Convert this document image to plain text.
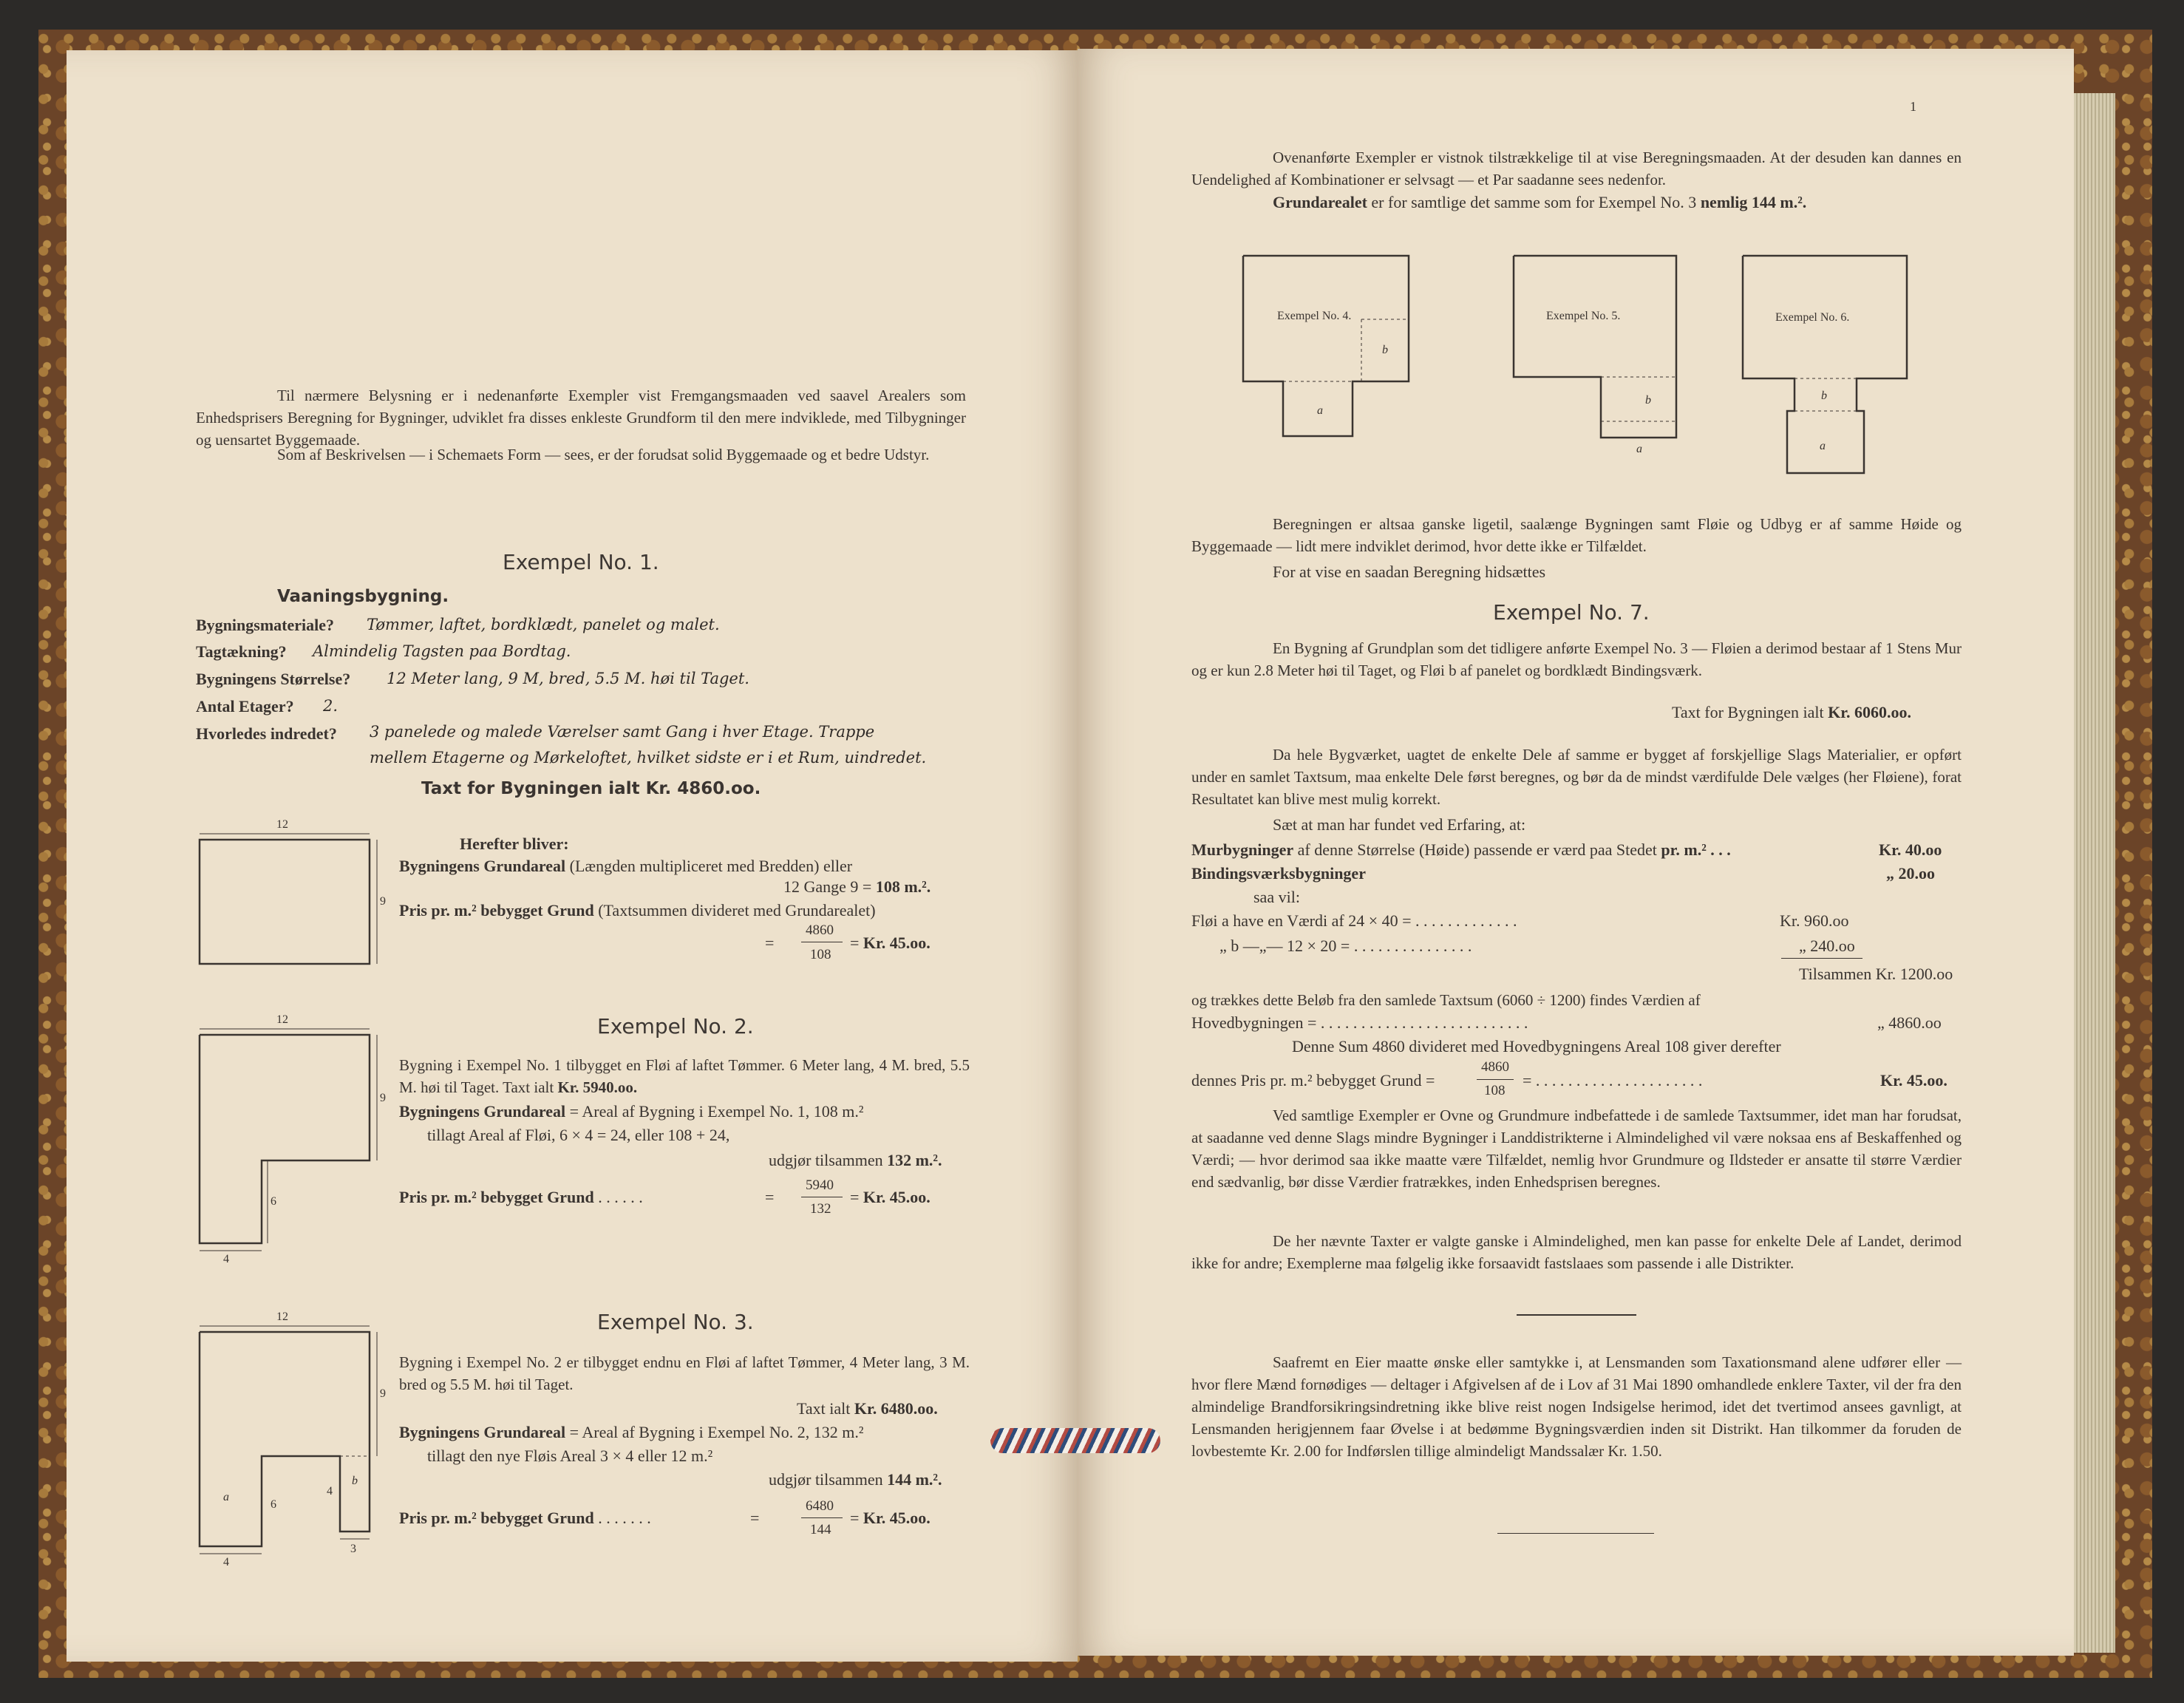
Til nærmere Belysning er i nedenanførte Exempler vist Fremgangsmaaden ved saavel Arealers som Enhedsprisers Beregning for Bygninger, udviklet fra disses enkleste Grundform til den mere indviklede, med Tilbygninger og uensartet Byggemaade.
Som af Beskrivelsen — i Schemaets Form — sees, er der forudsat solid Byggemaade og et bedre Udstyr.
Exempel No. 1.
Vaaningsbygning.
Bygningsmateriale? Tømmer, laftet, bordklædt, panelet og malet.
Tagtækning? Almindelig Tagsten paa Bordtag.
Bygningens Størrelse? 12 Meter lang, 9 M, bred, 5.5 M. høi til Taget.
Antal Etager? 2.
Hvorledes indredet? 3 panelede og malede Værelser samt Gang i hver Etage. Trappe
mellem Etagerne og Mørkeloftet, hvilket sidste er i et Rum, uindredet.
Taxt for Bygningen ialt Kr. 4860.oo.
12
9
Herefter bliver:
Bygningens Grundareal (Længden multipliceret med Bredden) eller
12 Gange 9 = 108 m.².
Pris pr. m.² bebygget Grund (Taxtsummen divideret med Grundarealet)
=
4860
108
= Kr. 45.oo.
Exempel No. 2.
12
9
6
4
Bygning i Exempel No. 1 tilbygget en Fløi af laftet Tømmer. 6 Meter lang, 4 M. bred, 5.5 M. høi til Taget. Taxt ialt Kr. 5940.oo.
Bygningens Grundareal = Areal af Bygning i Exempel No. 1, 108 m.²
tillagt Areal af Fløi, 6 × 4 = 24, eller 108 + 24,
udgjør tilsammen 132 m.².
Pris pr. m.² bebygget Grund . . . . . .	=
5940
132
= Kr. 45.oo.
Exempel No. 3.
12
9
a
6
4
b
3
4
Bygning i Exempel No. 2 er tilbygget endnu en Fløi af laftet Tømmer, 4 Meter lang, 3 M. bred og 5.5 M. høi til Taget.
Taxt ialt Kr. 6480.oo.
Bygningens Grundareal = Areal af Bygning i Exempel No. 2, 132 m.²
tillagt den nye Fløis Areal 3 × 4 eller 12 m.²
udgjør tilsammen 144 m.².
Pris pr. m.² bebygget Grund . . . . . . .	=
6480
144
= Kr. 45.oo.
1
Ovenanførte Exempler er vistnok tilstrækkelige til at vise Beregningsmaaden. At der desuden kan dannes en Uendelighed af Kombinationer er selvsagt — et Par saadanne sees nedenfor.
Grundarealet er for samtlige det samme som for Exempel No. 3 nemlig 144 m.².
Exempel No. 4.
b
a
Exempel No. 5.
b
a
Exempel No. 6.
b
a
Beregningen er altsaa ganske ligetil, saalænge Bygningen samt Fløie og Udbyg er af samme Høide og Byggemaade — lidt mere indviklet derimod, hvor dette ikke er Tilfældet.
For at vise en saadan Beregning hidsættes
Exempel No. 7.
En Bygning af Grundplan som det tidligere anførte Exempel No. 3 — Fløien a derimod bestaar af 1 Stens Mur og er kun 2.8 Meter høi til Taget, og Fløi b af panelet og bordklædt Bindingsværk.
Taxt for Bygningen ialt Kr. 6060.oo.
Da hele Bygværket, uagtet de enkelte Dele af samme er bygget af forskjellige Slags Materialier, er opført under en samlet Taxtsum, maa enkelte Dele først beregnes, og bør da de mindst værdifulde Dele vælges (her Fløiene), forat Resultatet kan blive mest mulig korrekt.
Sæt at man har fundet ved Erfaring, at:
Murbygninger af denne Størrelse (Høide) passende er værd paa Stedet pr. m.² . . .	Kr. 40.oo
Bindingsværksbygninger	„ 20.oo
saa vil:
Fløi a have en Værdi af 24 × 40 = . . . . . . . . . . . . .	Kr. 960.oo
„ b —„— 12 × 20 = . . . . . . . . . . . . . . .	„ 240.oo
Tilsammen Kr. 1200.oo
og trækkes dette Beløb fra den samlede Taxtsum (6060 ÷ 1200) findes Værdien af
Hovedbygningen = . . . . . . . . . . . . . . . . . . . . . . . . . .	„ 4860.oo
Denne Sum 4860 divideret med Hovedbygningens Areal 108 giver derefter
dennes Pris pr. m.² bebygget Grund =
4860
108
= . . . . . . . . . . . . . . . . . . . . .	Kr. 45.oo.
Ved samtlige Exempler er Ovne og Grundmure indbefattede i de samlede Taxtsummer, idet man har forudsat, at saadanne ved denne Slags mindre Bygninger i Landdistrikterne i Almindelighed vil være noksaa ens af Beskaffenhed og Værdi; — hvor derimod saa ikke maatte være Tilfældet, nemlig hvor Grundmure og Ildsteder er ansatte til større Værdier end sædvanlig, bør disse Værdier fratrækkes, inden Enhedsprisen beregnes.
De her nævnte Taxter er valgte ganske i Almindelighed, men kan passe for enkelte Dele af Landet, derimod ikke for andre; Exemplerne maa følgelig ikke forsaavidt fastslaaes som passende i alle Distrikter.
Saafremt en Eier maatte ønske eller samtykke i, at Lensmanden som Taxationsmand alene udfører eller — hvor flere Mænd fornødiges — deltager i Afgivelsen af de i Lov af 31 Mai 1890 omhandlede enklere Taxter, vil der fra den almindelige Brandforsikringsindretning ikke blive reist nogen Indsigelse herimod, idet det tvertimod ansees gavnligt, at Lensmanden herigjennem faar Øvelse i at bedømme Bygningsværdien inden sit Distrikt. Han tilkommer da foruden de lovbestemte Kr. 2.00 for Indførslen tillige almindeligt Mandssalær Kr. 1.50.
